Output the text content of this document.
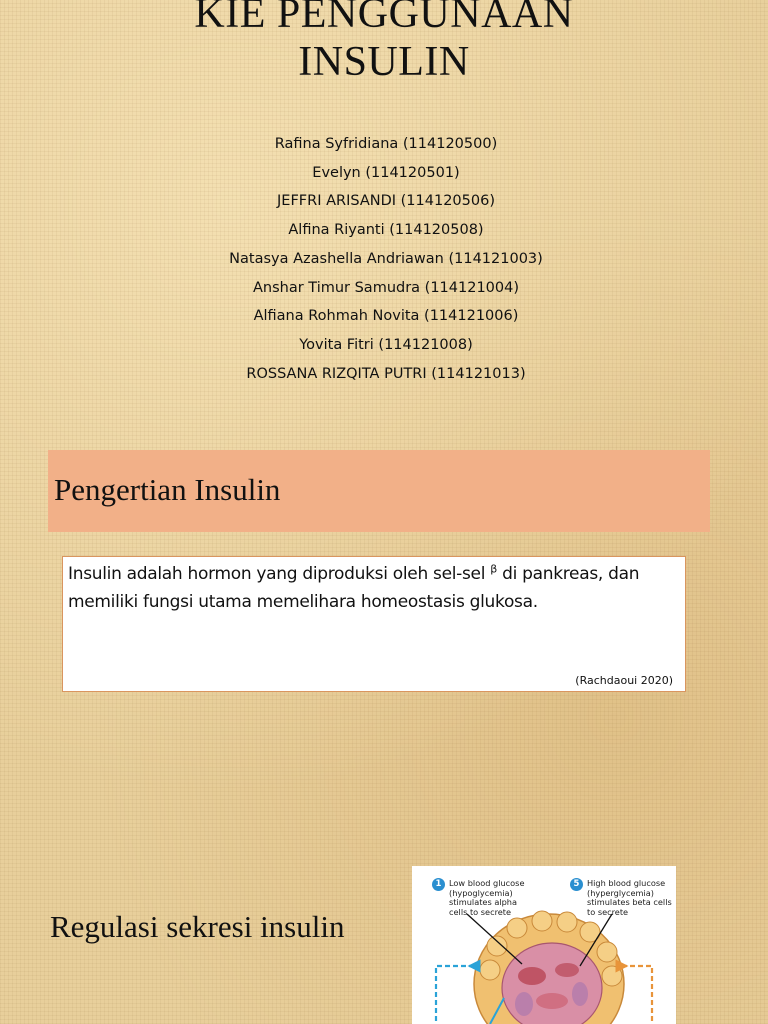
KIE PENGGUNAAN
INSULIN
Rafina Syfridiana (114120500)
Evelyn (114120501)
JEFFRI ARISANDI (114120506)
Alfina Riyanti (114120508)
Natasya Azashella Andriawan (114121003)
Anshar Timur Samudra (114121004)
Alfiana Rohmah Novita (114121006)
Yovita Fitri (114121008)
ROSSANA RIZQITA PUTRI (114121013)
Pengertian Insulin
Insulin adalah hormon yang diproduksi oleh sel-sel $^\beta$ di pankreas, dan memiliki fungsi utama memelihara homeostasis glukosa.
(Rachdaoui 2020)
Regulasi sekresi insulin
1 Low blood glucose
(hypoglycemia)
stimulates alpha
cells to secrete
5 High blood glucose
(hyperglycemia)
stimulates beta cells
to secrete
